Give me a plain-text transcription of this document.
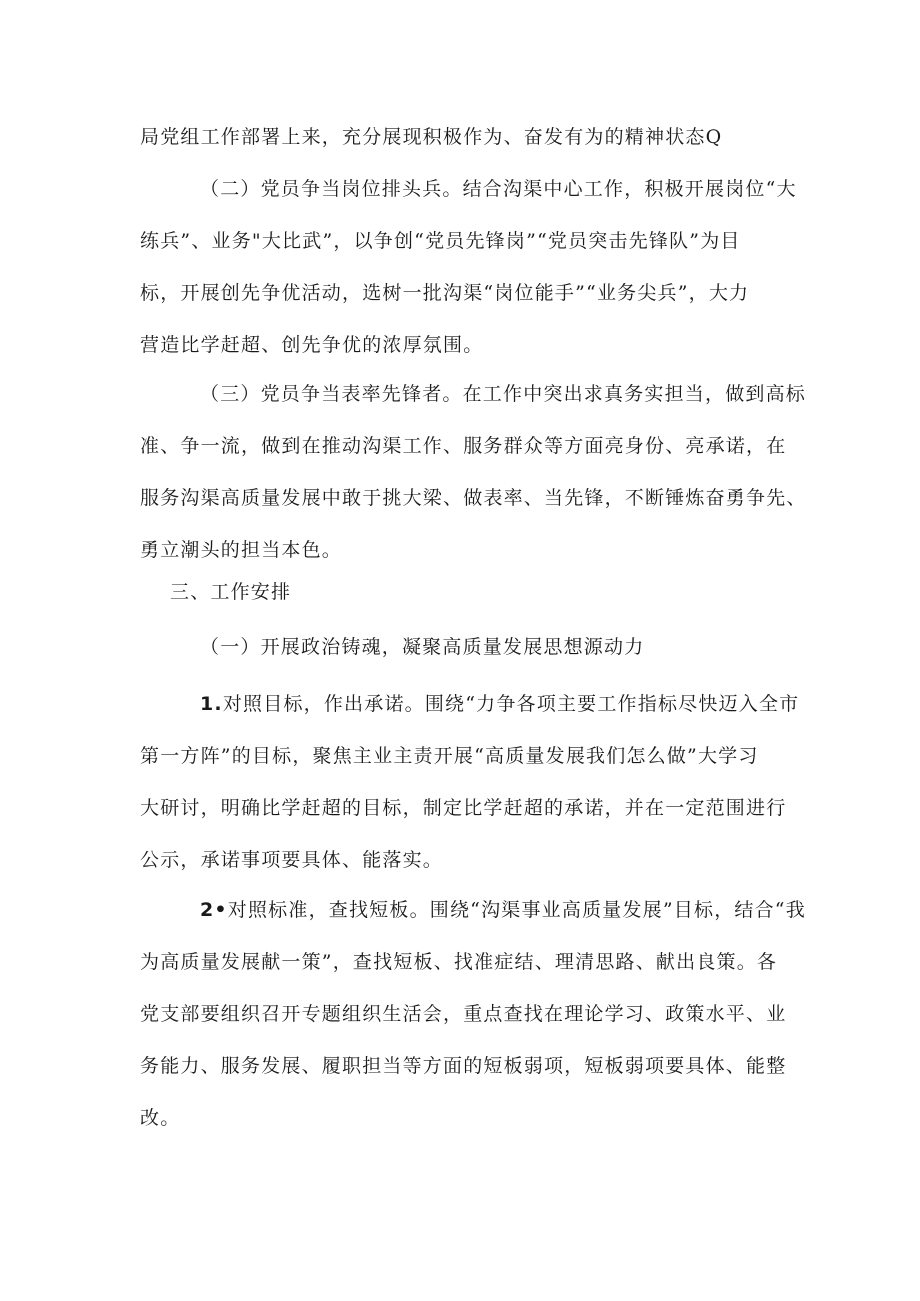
局党组工作部署上来，充分展现积极作为、奋发有为的精神状态Q

（二）党员争当岗位排头兵。结合沟渠中心工作，积极开展岗位“大
练兵”、业务"大比武”，以争创“党员先锋岗”“党员突击先锋队”为目
标，开展创先争优活动，选树一批沟渠“岗位能手”“业务尖兵”，大力
营造比学赶超、创先争优的浓厚氛围。

（三）党员争当表率先锋者。在工作中突出求真务实担当，做到高标
准、争一流，做到在推动沟渠工作、服务群众等方面亮身份、亮承诺，在
服务沟渠高质量发展中敢于挑大梁、做表率、当先锋，不断锤炼奋勇争先、
勇立潮头的担当本色。

三、工作安排

（一）开展政治铸魂，凝聚高质量发展思想源动力

1.对照目标，作出承诺。围绕“力争各项主要工作指标尽快迈入全市
第一方阵”的目标，聚焦主业主责开展“高质量发展我们怎么做”大学习
大研讨，明确比学赶超的目标，制定比学赶超的承诺，并在一定范围进行
公示，承诺事项要具体、能落实。

2•对照标准，查找短板。围绕“沟渠事业高质量发展”目标，结合“我
为高质量发展献一策”，查找短板、找准症结、理清思路、献出良策。各
党支部要组织召开专题组织生活会，重点查找在理论学习、政策水平、业
务能力、服务发展、履职担当等方面的短板弱项，短板弱项要具体、能整
改。
